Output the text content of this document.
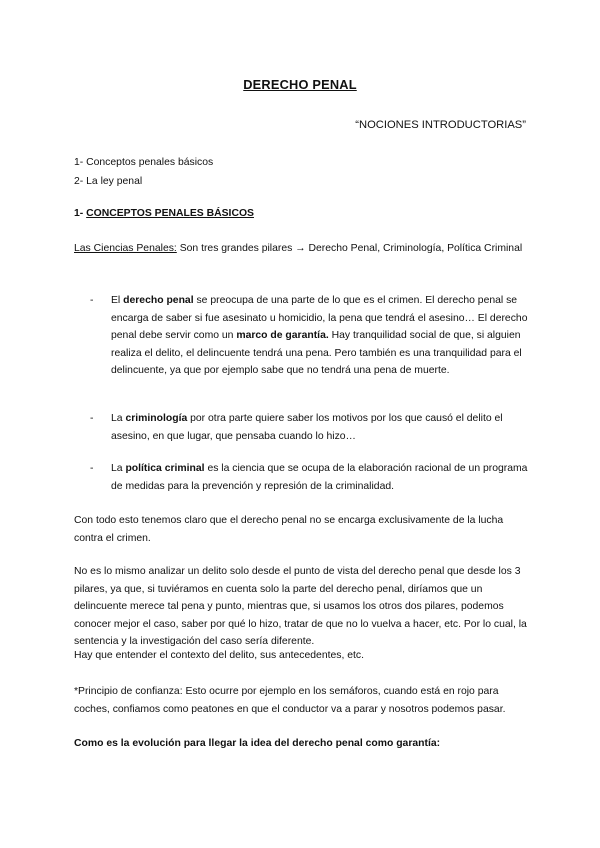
DERECHO PENAL
“NOCIONES INTRODUCTORIAS”
1- Conceptos penales básicos
2- La ley penal
1- CONCEPTOS PENALES BÁSICOS
Las Ciencias Penales: Son tres grandes pilares → Derecho Penal, Criminología, Política Criminal
- El derecho penal se preocupa de una parte de lo que es el crimen. El derecho penal se encarga de saber si fue asesinato u homicidio, la pena que tendrá el asesino… El derecho penal debe servir como un marco de garantía. Hay tranquilidad social de que, si alguien realiza el delito, el delincuente tendrá una pena. Pero también es una tranquilidad para el delincuente, ya que por ejemplo sabe que no tendrá una pena de muerte.
- La criminología por otra parte quiere saber los motivos por los que causó el delito el asesino, en que lugar, que pensaba cuando lo hizo…
- La política criminal es la ciencia que se ocupa de la elaboración racional de un programa de medidas para la prevención y represión de la criminalidad.
Con todo esto tenemos claro que el derecho penal no se encarga exclusivamente de la lucha contra el crimen.
No es lo mismo analizar un delito solo desde el punto de vista del derecho penal que desde los 3 pilares, ya que, si tuviéramos en cuenta solo la parte del derecho penal, diríamos que un delincuente merece tal pena y punto, mientras que, si usamos los otros dos pilares, podemos conocer mejor el caso, saber por qué lo hizo, tratar de que no lo vuelva a hacer, etc. Por lo cual, la sentencia y la investigación del caso sería diferente.
Hay que entender el contexto del delito, sus antecedentes, etc.
*Principio de confianza: Esto ocurre por ejemplo en los semáforos, cuando está en rojo para coches, confiamos como peatones en que el conductor va a parar y nosotros podemos pasar.
Como es la evolución para llegar la idea del derecho penal como garantía:
